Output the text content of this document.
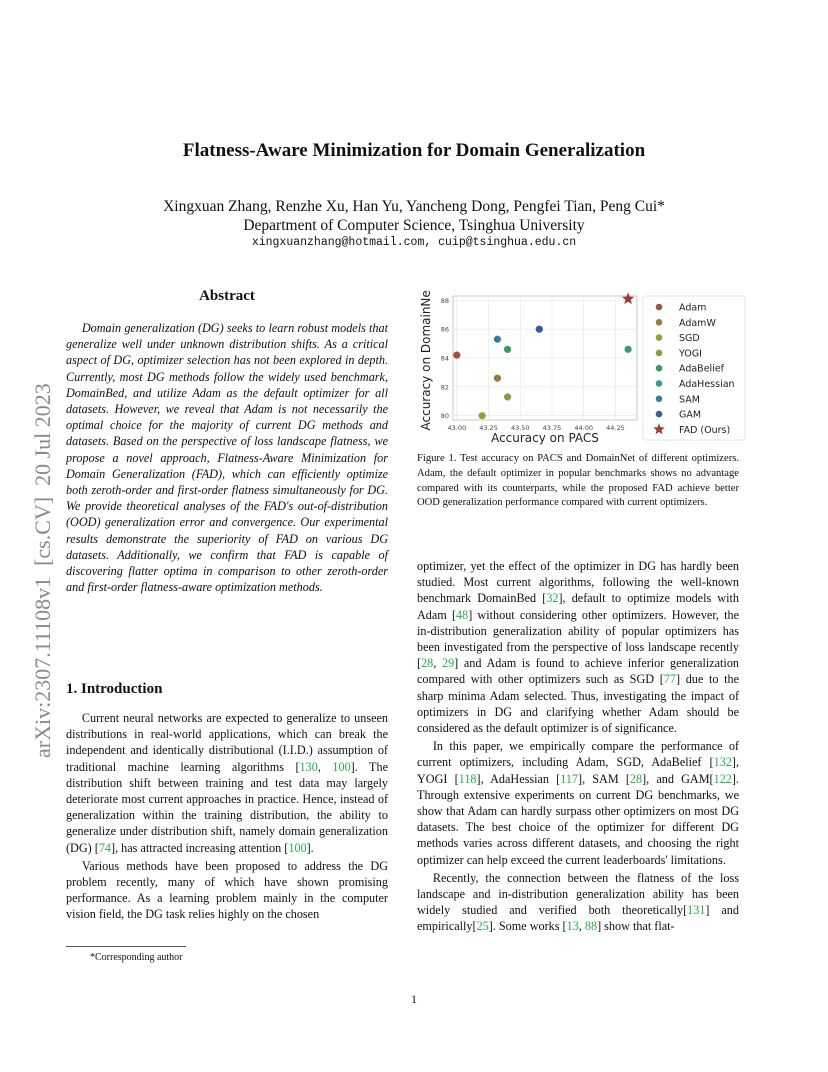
arXiv:2307.11108v1  [cs.CV]  20 Jul 2023
Flatness-Aware Minimization for Domain Generalization
Xingxuan Zhang, Renzhe Xu, Han Yu, Yancheng Dong, Pengfei Tian, Peng Cui*
Department of Computer Science, Tsinghua University
xingxuanzhang@hotmail.com, cuip@tsinghua.edu.cn
Abstract

Domain generalization (DG) seeks to learn robust models that generalize well under unknown distribution shifts. As a critical aspect of DG, optimizer selection has not been explored in depth. Currently, most DG methods follow the widely used benchmark, DomainBed, and utilize Adam as the default optimizer for all datasets. However, we reveal that Adam is not necessarily the optimal choice for the majority of current DG methods and datasets. Based on the perspective of loss landscape flatness, we propose a novel approach, Flatness-Aware Minimization for Domain Generalization (FAD), which can efficiently optimize both zeroth-order and first-order flatness simultaneously for DG. We provide theoretical analyses of the FAD's out-of-distribution (OOD) generalization error and convergence. Our experimental results demonstrate the superiority of FAD on various DG datasets. Additionally, we confirm that FAD is capable of discovering flatter optima in comparison to other zeroth-order and first-order flatness-aware optimization methods.

1. Introduction

Current neural networks are expected to generalize to unseen distributions in real-world applications, which can break the independent and identically distributional (I.I.D.) assumption of traditional machine learning algorithms [130, 100]. The distribution shift between training and test data may largely deteriorate most current approaches in practice. Hence, instead of generalization within the training distribution, the ability to generalize under distribution shift, namely domain generalization (DG) [74], has attracted increasing attention [100].

Various methods have been proposed to address the DG problem recently, many of which have shown promising performance. As a learning problem mainly in the computer vision field, the DG task relies highly on the chosen

optimizer, yet the effect of the optimizer in DG has hardly been studied. Most current algorithms, following the well-known benchmark DomainBed [32], default to optimize models with Adam [48] without considering other optimizers. However, the in-distribution generalization ability of popular optimizers has been investigated from the perspective of loss landscape recently [28, 29] and Adam is found to achieve inferior generalization compared with other optimizers such as SGD [77] due to the sharp minima Adam selected. Thus, investigating the impact of optimizers in DG and clarifying whether Adam should be considered as the default optimizer is of significance.

In this paper, we empirically compare the performance of current optimizers, including Adam, SGD, AdaBelief [132], YOGI [118], AdaHessian [117], SAM [28], and GAM[122]. Through extensive experiments on current DG benchmarks, we show that Adam can hardly surpass other optimizers on most DG datasets. The best choice of the optimizer for different DG methods varies across different datasets, and choosing the right optimizer can help exceed the current leaderboards' limitations.

Recently, the connection between the flatness of the loss landscape and in-distribution generalization ability has been widely studied and verified both theoretically[131] and empirically[25]. Some works [13, 88] show that flat-

43.00 43.25 43.50 43.75 44.00 44.25
80
82
84
86
88
Adam
AdamW
SGD
YOGI
AdaBelief
AdaHessian
SAM
GAM
FAD (Ours)
Accuracy on PACS
Accuracy on DomainNet
Figure 1. Test accuracy on PACS and DomainNet of different optimizers. Adam, the default optimizer in popular benchmarks shows no advantage compared with its counterparts, while the proposed FAD achieve better OOD generalization performance compared with current optimizers.
*Corresponding author
1
